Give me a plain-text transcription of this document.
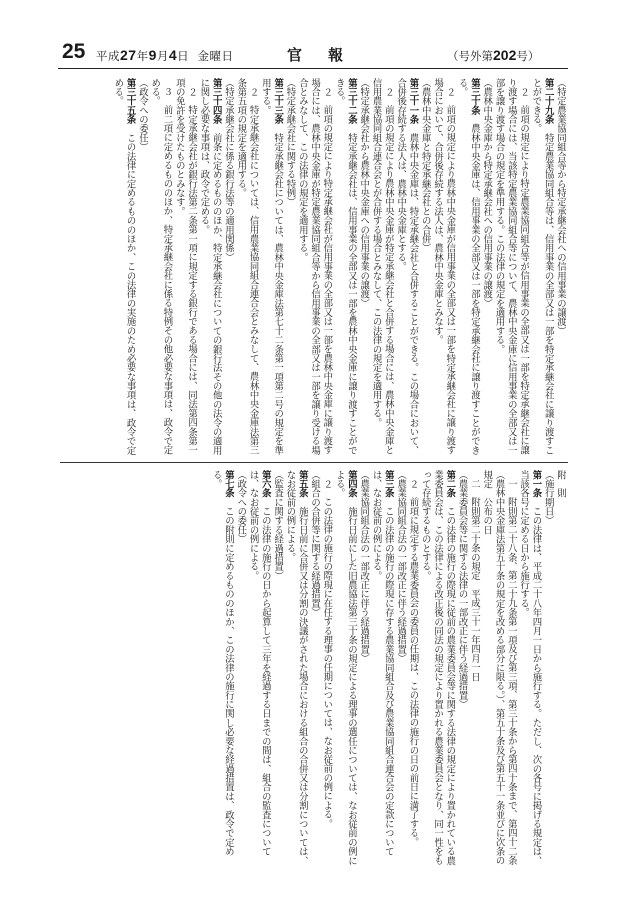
25 平成27年9月4日 金曜日	官報	（号外第202号）

（特定農業協同組合等から特定承継会社への信用事業の譲渡）

第二十九条　特定農業協同組合等は、信用事業の全部又は一部を特定承継会社に譲り渡すことができる。

２　前項の規定により特定農業協同組合等が信用事業の全部又は一部を特定承継会社に譲り渡す場合には、当該特定農業協同組合等について、農林中央金庫に信用事業の全部又は一部を譲り渡す場合の規定を準用する。この法律の規定を適用する。

（農林中央金庫から特定承継会社への信用事業の譲渡）

第三十条　農林中央金庫は、信用事業の全部又は一部を特定承継会社に譲り渡すことができる。

２　前項の規定により農林中央金庫が信用事業の全部又は一部を特定承継会社に譲り渡す場合において、合併後存続する法人は、農林中央金庫とみなす。

（農林中央金庫と特定承継会社との合併）

第三十一条　農林中央金庫は、特定承継会社と合併することができる。この場合において、合併後存続する法人は、農林中央金庫とする。

２　前項の規定により農林中央金庫が特定承継会社と合併する場合には、農林中央金庫と信用農業協同組合連合会とが合併する場合とみなして、この法律の規定を適用する。

（特定承継会社から農林中央金庫への信用事業の譲渡）

第三十二条　特定承継会社は、信用事業の全部又は一部を農林中央金庫に譲り渡すことができる。

２　前項の規定により特定承継会社が信用事業の全部又は一部を農林中央金庫に譲り渡す場合には、農林中央金庫が特定農業協同組合等から信用事業の全部又は一部を譲り受ける場合とみなして、この法律の規定を適用する。

（特定承継会社に関する特例）

第三十三条　特定承継会社については、農林中央金庫法第七十二条第一項第二号の規定を準用する。

２　特定承継会社については、信用農業協同組合連合会とみなして、農林中央金庫法第三条第五項の規定を適用する。

（特定承継会社に係る銀行法等の適用関係）

第三十四条　前条に定めるもののほか、特定承継会社についての銀行法その他の法令の適用に関し必要な事項は、政令で定める。

２　特定承継会社が銀行法第二条第一項に規定する銀行である場合には、同法第四条第一項の免許を受けたものとみなす。

３　前二項に定めるもののほか、特定承継会社に係る特例その他必要な事項は、政令で定める。

（政令への委任）

第三十五条　この法律に定めるもののほか、この法律の実施のため必要な事項は、政令で定める。

附　則

（施行期日）

第一条　この法律は、平成二十八年四月一日から施行する。ただし、次の各号に掲げる規定は、当該各号に定める日から施行する。

一　附則第二十八条、第二十九条第一項及び第三項、第三十条から第四十条まで、第四十二条（農林中央金庫法第五十条の規定を改める部分に限る。）、第五十条及び第五十一条並びに次条の規定　公布の日

二　附則第二十条の規定　平成三十一年四月一日

（農業委員会等に関する法律の一部改正に伴う経過措置）

第二条　この法律の施行の際現に従前の農業委員会等に関する法律の規定により置かれている農業委員会は、この法律による改正後の同法の規定により置かれる農業委員会となり、同一性をもって存続するものとする。

２　前項に規定する農業委員会の委員の任期は、この法律の施行の日の前日に満了する。

（農業協同組合法の一部改正に伴う経過措置）

第三条　この法律の施行の際現に存する農業協同組合及び農業協同組合連合会の定款については、なお従前の例による。

（農業協同組合法の一部改正に伴う経過措置）

第四条　施行日前にした旧農協法第三十条の規定による理事の選任については、なお従前の例による。

２　この法律の施行の際現に在任する理事の任期については、なお従前の例による。

（組合の合併等に関する経過措置）

第五条　施行日前に合併又は分割の決議がされた場合における組合の合併又は分割については、なお従前の例による。

（監査に関する経過措置）

第六条　この法律の施行の日から起算して三年を経過する日までの間は、組合の監査については、なお従前の例による。

（政令への委任）

第七条　この附則に定めるもののほか、この法律の施行に関し必要な経過措置は、政令で定める。
